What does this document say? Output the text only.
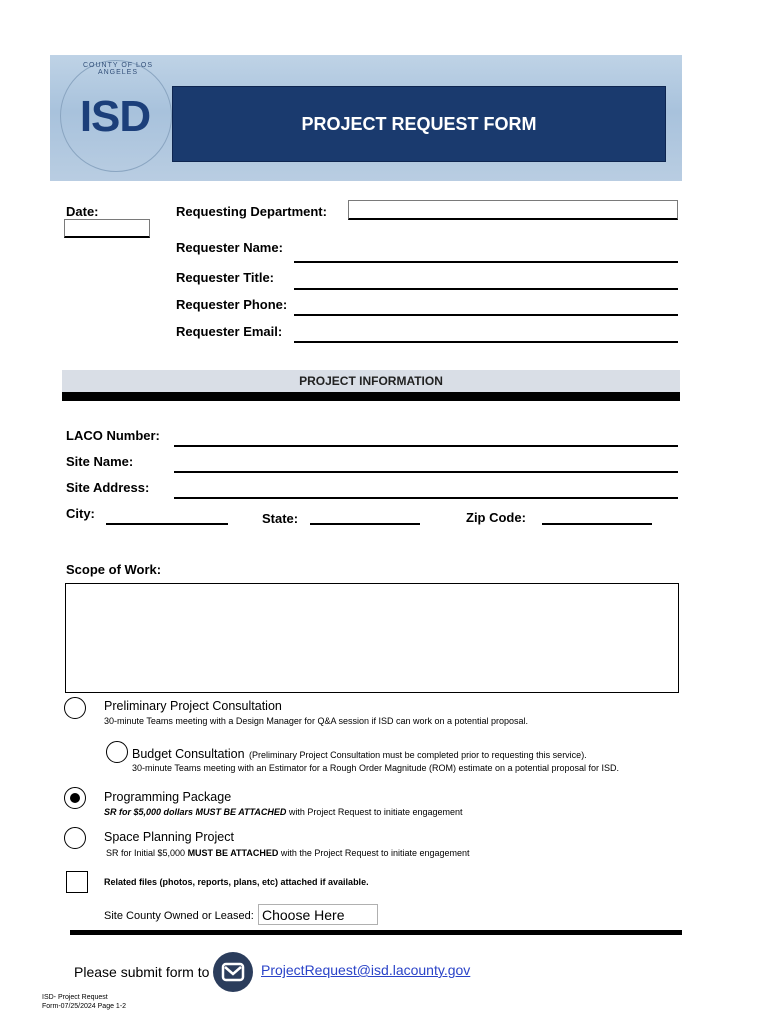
COUNTY OF LOS ANGELES
ISD	PROJECT REQUEST FORM
Date:	Requesting Department:
Requester Name:
Requester Title:
Requester Phone:
Requester Email:
PROJECT INFORMATION
LACO Number:
Site Name:
Site Address:
City:	State:	Zip Code:
Scope of Work:
Preliminary Project Consultation
30-minute Teams meeting with a Design Manager for Q&A session if ISD can work on a potential proposal.
Budget Consultation (Preliminary Project Consultation must be completed prior to requesting this service).
30-minute Teams meeting with an Estimator for a Rough Order Magnitude (ROM) estimate on a potential proposal for ISD.
Programming Package
SR for $5,000 dollars MUST BE ATTACHED with Project Request to initiate engagement
Space Planning Project
SR for Initial $5,000 MUST BE ATTACHED with the Project Request to initiate engagement
Related files (photos, reports, plans, etc) attached if available.
Site County Owned or Leased: Choose Here
Please submit form to	ProjectRequest@isd.lacounty.gov
ISD- Project Request
Form-07/25/2024 Page 1-2
